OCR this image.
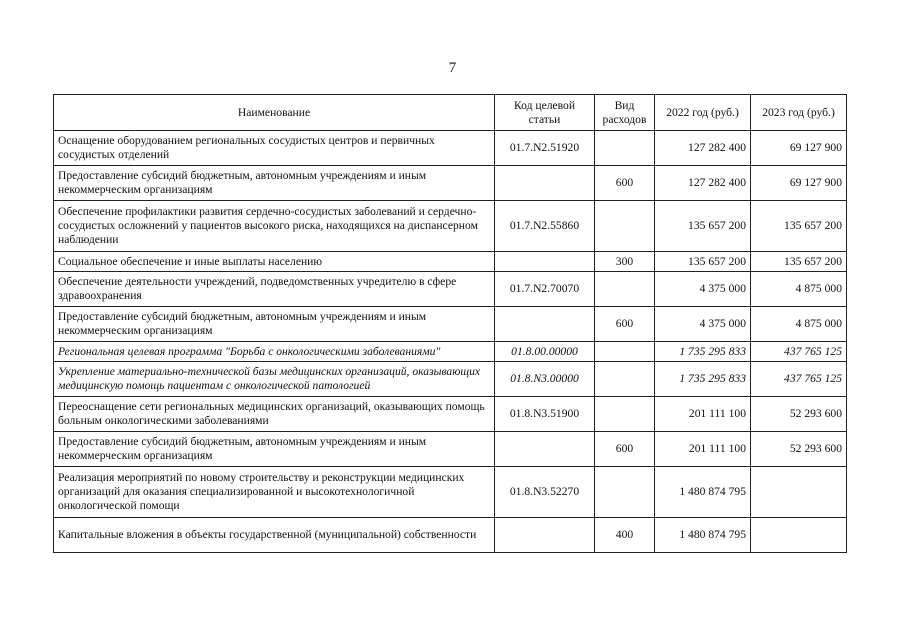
7
Наименование	Код целевой статьи	Вид расходов	2022 год (руб.)	2023 год (руб.)
Оснащение оборудованием региональных сосудистых центров и первичных сосудистых отделений	01.7.N2.51920		127 282 400	69 127 900
Предоставление субсидий бюджетным, автономным учреждениям и иным некоммерческим организациям		600	127 282 400	69 127 900
Обеспечение профилактики развития сердечно-сосудистых заболеваний и сердечно-сосудистых осложнений у пациентов высокого риска, находящихся на диспансерном наблюдении	01.7.N2.55860		135 657 200	135 657 200
Социальное обеспечение и иные выплаты населению		300	135 657 200	135 657 200
Обеспечение деятельности учреждений, подведомственных учредителю в сфере здравоохранения	01.7.N2.70070		4 375 000	4 875 000
Предоставление субсидий бюджетным, автономным учреждениям и иным некоммерческим организациям		600	4 375 000	4 875 000
Региональная целевая программа "Борьба с онкологическими заболеваниями"	01.8.00.00000		1 735 295 833	437 765 125
Укрепление материально-технической базы медицинских организаций, оказывающих медицинскую помощь пациентам с онкологической патологией	01.8.N3.00000		1 735 295 833	437 765 125
Переоснащение сети региональных медицинских организаций, оказывающих помощь больным онкологическими заболеваниями	01.8.N3.51900		201 111 100	52 293 600
Предоставление субсидий бюджетным, автономным учреждениям и иным некоммерческим организациям		600	201 111 100	52 293 600
Реализация мероприятий по новому строительству и реконструкции медицинских организаций для оказания специализированной и высокотехнологичной онкологической помощи	01.8.N3.52270		1 480 874 795	
Капитальные вложения в объекты государственной (муниципальной) собственности		400	1 480 874 795	
